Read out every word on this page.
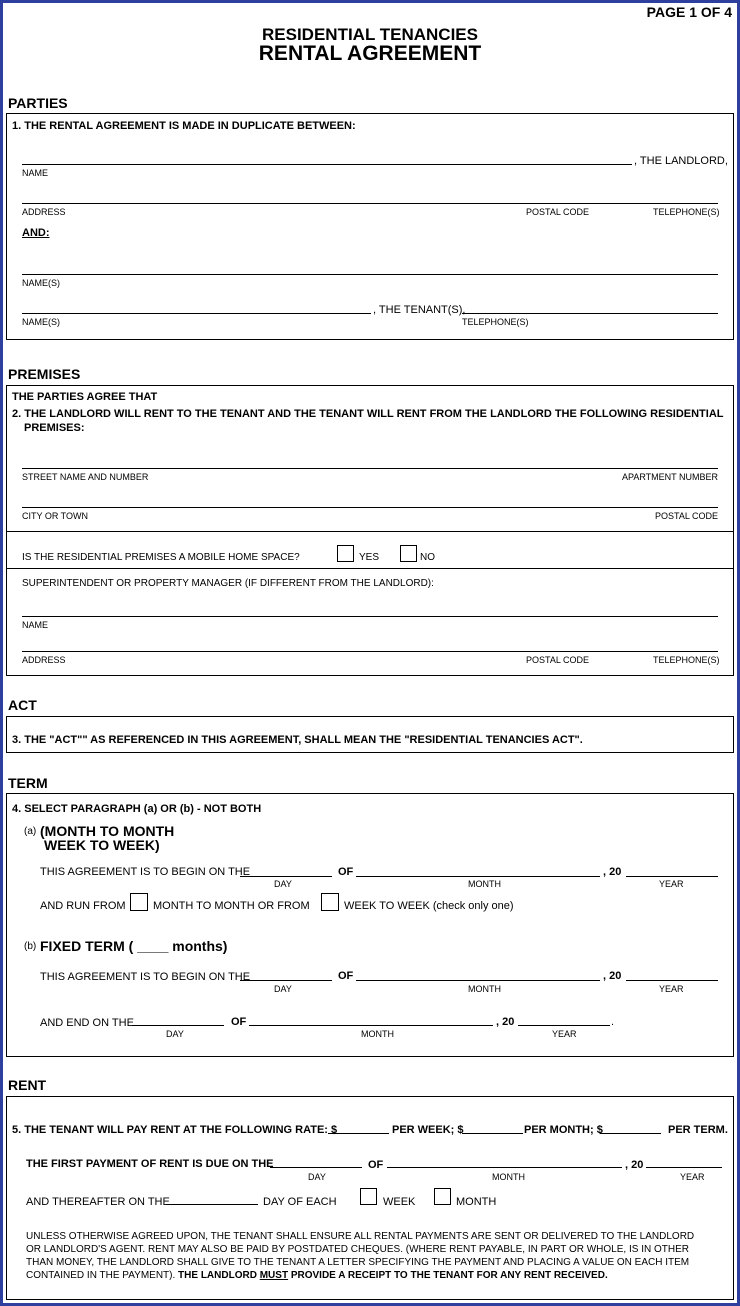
PAGE 1 OF 4
RESIDENTIAL TENANCIES
RENTAL AGREEMENT
PARTIES
1. THE RENTAL AGREEMENT IS MADE IN DUPLICATE BETWEEN:
, THE LANDLORD,
NAME
ADDRESS	POSTAL CODE	TELEPHONE(S)
AND:
NAME(S)
, THE TENANT(S),
NAME(S)	TELEPHONE(S)
PREMISES
THE PARTIES AGREE THAT
2. THE LANDLORD WILL RENT TO THE TENANT AND THE TENANT WILL RENT FROM THE LANDLORD THE FOLLOWING RESIDENTIAL
PREMISES:
STREET NAME AND NUMBER	APARTMENT NUMBER
CITY OR TOWN	POSTAL CODE
IS THE RESIDENTIAL PREMISES A MOBILE HOME SPACE?	YES	NO
SUPERINTENDENT OR PROPERTY MANAGER (IF DIFFERENT FROM THE LANDLORD):
NAME
ADDRESS	POSTAL CODE	TELEPHONE(S)
ACT
3. THE "ACT"" AS REFERENCED IN THIS AGREEMENT, SHALL MEAN THE "RESIDENTIAL TENANCIES ACT".
TERM
4. SELECT PARAGRAPH (a) OR (b) - NOT BOTH
(a) (MONTH TO MONTH
WEEK TO WEEK)
THIS AGREEMENT IS TO BEGIN ON THE	OF	, 20
DAY	MONTH	YEAR
AND RUN FROM MONTH TO MONTH OR FROM	WEEK TO WEEK (check only one)
(b) FIXED TERM ( ____ months)
THIS AGREEMENT IS TO BEGIN ON THE	OF	, 20
DAY	MONTH	YEAR
AND END ON THE	OF	, 20	.
DAY	MONTH	YEAR
RENT
5. THE TENANT WILL PAY RENT AT THE FOLLOWING RATE: $	PER WEEK; $	PER MONTH; $	PER TERM.
THE FIRST PAYMENT OF RENT IS DUE ON THE	OF	, 20
DAY	MONTH	YEAR
AND THEREAFTER ON THE	DAY OF EACH	WEEK	MONTH
UNLESS OTHERWISE AGREED UPON, THE TENANT SHALL ENSURE ALL RENTAL PAYMENTS ARE SENT OR DELIVERED TO THE LANDLORD
OR LANDLORD'S AGENT. RENT MAY ALSO BE PAID BY POSTDATED CHEQUES. (WHERE RENT PAYABLE, IN PART OR WHOLE, IS IN OTHER
THAN MONEY, THE LANDLORD SHALL GIVE TO THE TENANT A LETTER SPECIFYING THE PAYMENT AND PLACING A VALUE ON EACH ITEM
CONTAINED IN THE PAYMENT). THE LANDLORD MUST PROVIDE A RECEIPT TO THE TENANT FOR ANY RENT RECEIVED.
